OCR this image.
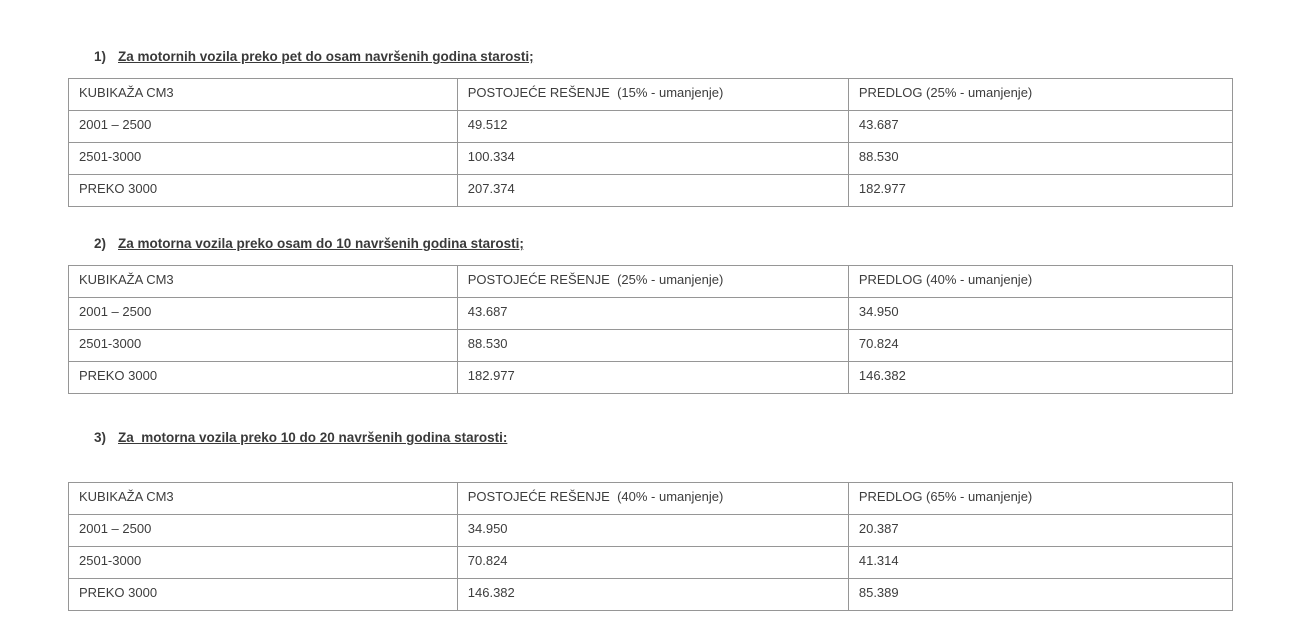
1) Za motornih vozila preko pet do osam navršenih godina starosti;
KUBIKAŽA CM3	POSTOJEĆE REŠENJE  (15% - umanjenje)	PREDLOG (25% - umanjenje)
2001 – 2500	49.512	43.687
2501-3000	100.334	88.530
PREKO 3000	207.374	182.977
2) Za motorna vozila preko osam do 10 navršenih godina starosti;
KUBIKAŽA CM3	POSTOJEĆE REŠENJE  (25% - umanjenje)	PREDLOG (40% - umanjenje)
2001 – 2500	43.687	34.950
2501-3000	88.530	70.824
PREKO 3000	182.977	146.382
3) Za  motorna vozila preko 10 do 20 navršenih godina starosti:
KUBIKAŽA CM3	POSTOJEĆE REŠENJE  (40% - umanjenje)	PREDLOG (65% - umanjenje)
2001 – 2500	34.950	20.387
2501-3000	70.824	41.314
PREKO 3000	146.382	85.389
